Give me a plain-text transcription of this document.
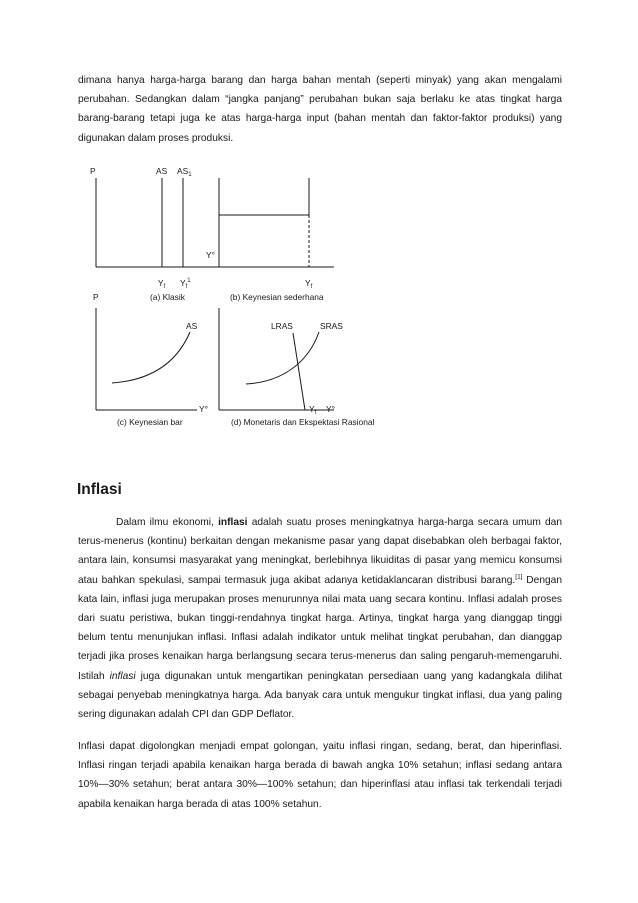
dimana hanya harga-harga barang dan harga bahan mentah (seperti minyak) yang akan mengalami perubahan. Sedangkan dalam “jangka panjang” perubahan bukan saja berlaku ke atas tingkat harga barang-barang tetapi juga ke atas harga-harga input (bahan mentah dan faktor-faktor produksi) yang digunakan dalam proses produksi.

P	AS $AS_1$
$Y_f$ $Y_f^1$
(a) Klasik
Y°
$Y_f$
(b) Keynesian sederhana
P
AS
Y°
(c) Keynesian bar
LRAS	SRAS
$Y_f$ Y°
(d) Monetaris dan Ekspektasi Rasional
Inflasi

Dalam ilmu ekonomi, inflasi adalah suatu proses meningkatnya harga-harga secara umum dan terus-menerus (kontinu) berkaitan dengan mekanisme pasar yang dapat disebabkan oleh berbagai faktor, antara lain, konsumsi masyarakat yang meningkat, berlebihnya likuiditas di pasar yang memicu konsumsi atau bahkan spekulasi, sampai termasuk juga akibat adanya ketidaklancaran distribusi barang.[1] Dengan kata lain, inflasi juga merupakan proses menurunnya nilai mata uang secara kontinu. Inflasi adalah proses dari suatu peristiwa, bukan tinggi-rendahnya tingkat harga. Artinya, tingkat harga yang dianggap tinggi belum tentu menunjukan inflasi. Inflasi adalah indikator untuk melihat tingkat perubahan, dan dianggap terjadi jika proses kenaikan harga berlangsung secara terus-menerus dan saling pengaruh-memengaruhi. Istilah inflasi juga digunakan untuk mengartikan peningkatan persediaan uang yang kadangkala dilihat sebagai penyebab meningkatnya harga. Ada banyak cara untuk mengukur tingkat inflasi, dua yang paling sering digunakan adalah CPI dan GDP Deflator.

Inflasi dapat digolongkan menjadi empat golongan, yaitu inflasi ringan, sedang, berat, dan hiperinflasi. Inflasi ringan terjadi apabila kenaikan harga berada di bawah angka 10% setahun; inflasi sedang antara 10%—30% setahun; berat antara 30%—100% setahun; dan hiperinflasi atau inflasi tak terkendali terjadi apabila kenaikan harga berada di atas 100% setahun.
